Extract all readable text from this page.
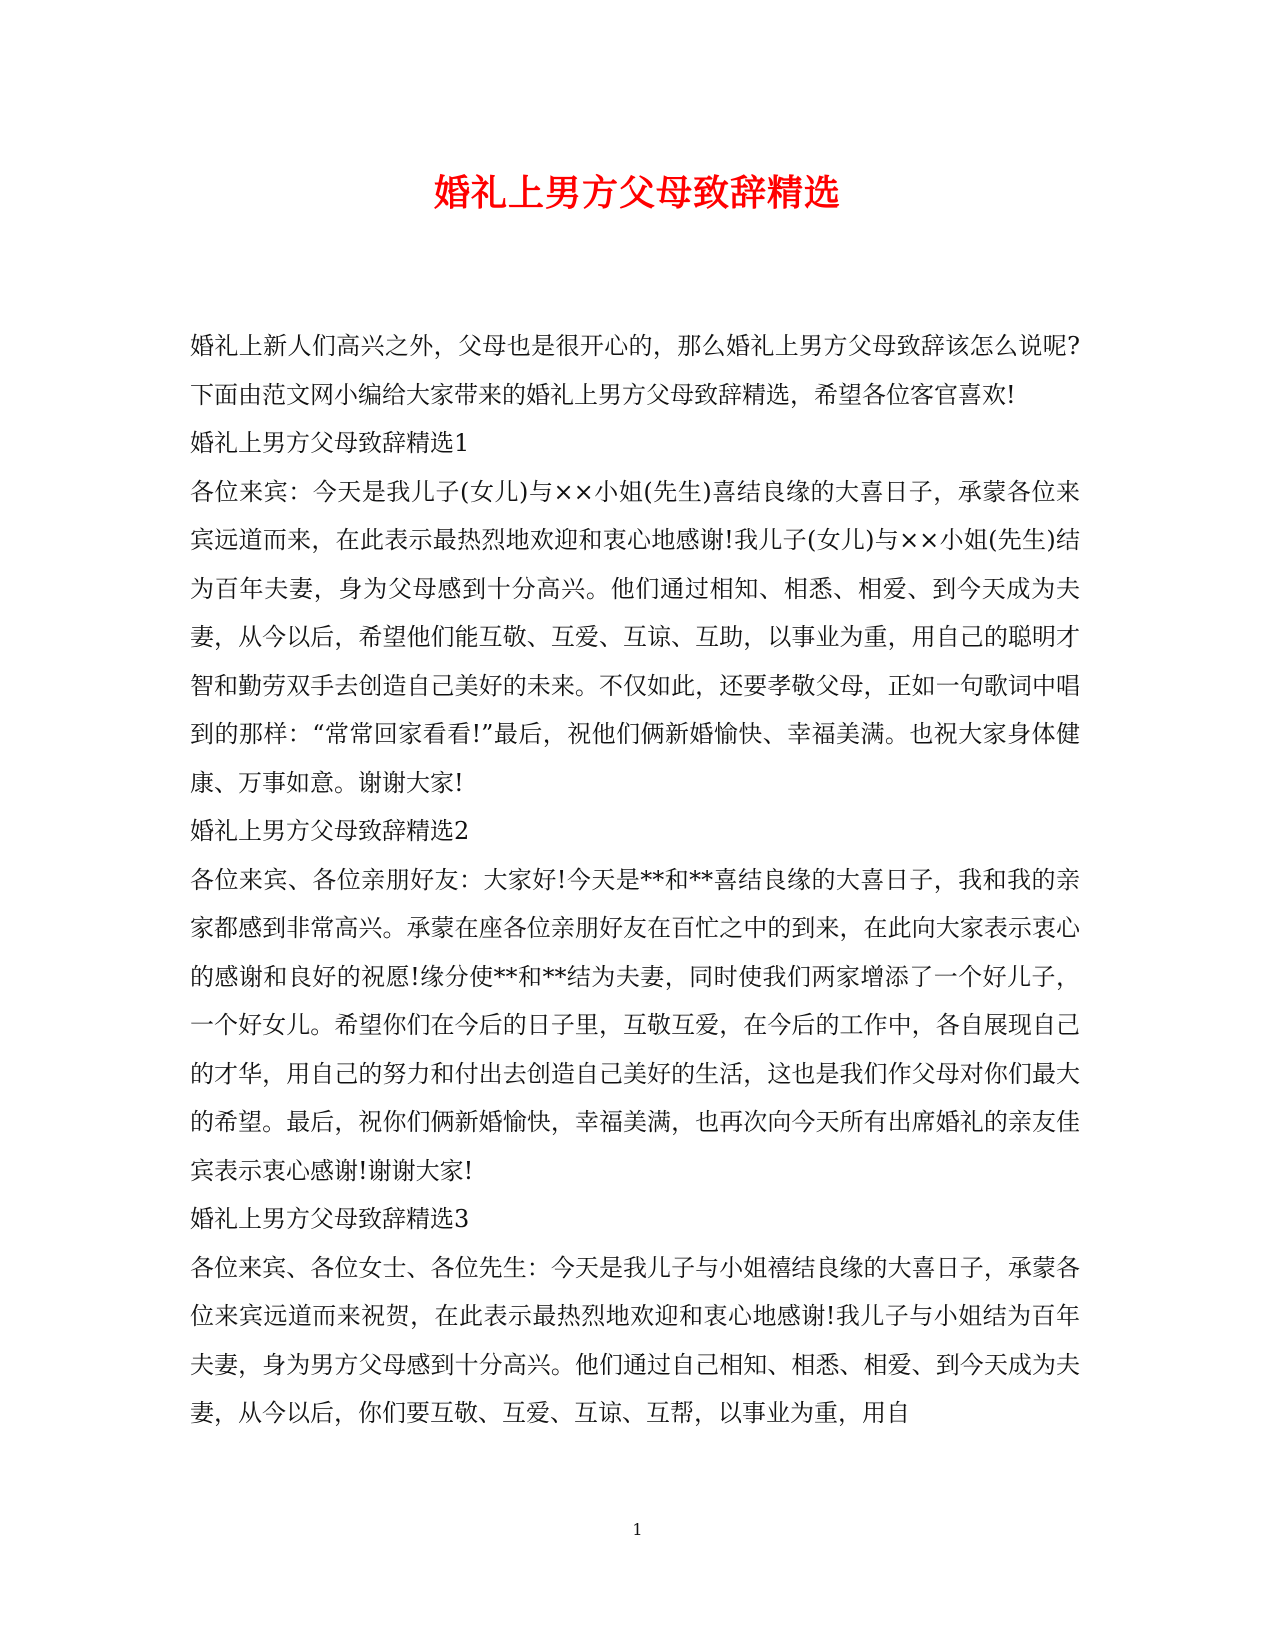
婚礼上男方父母致辞精选

婚礼上新人们高兴之外，父母也是很开心的，那么婚礼上男方父母致辞该怎么说呢?下面由范文网小编给大家带来的婚礼上男方父母致辞精选，希望各位客官喜欢!

婚礼上男方父母致辞精选1

各位来宾：今天是我儿子(女儿)与××小姐(先生)喜结良缘的大喜日子，承蒙各位来宾远道而来，在此表示最热烈地欢迎和衷心地感谢!我儿子(女儿)与××小姐(先生)结为百年夫妻，身为父母感到十分高兴。他们通过相知、相悉、相爱、到今天成为夫妻，从今以后，希望他们能互敬、互爱、互谅、互助，以事业为重，用自己的聪明才智和勤劳双手去创造自己美好的未来。不仅如此，还要孝敬父母，正如一句歌词中唱到的那样：“常常回家看看!”最后，祝他们俩新婚愉快、幸福美满。也祝大家身体健康、万事如意。谢谢大家!

婚礼上男方父母致辞精选2

各位来宾、各位亲朋好友：大家好!今天是**和**喜结良缘的大喜日子，我和我的亲家都感到非常高兴。承蒙在座各位亲朋好友在百忙之中的到来，在此向大家表示衷心的感谢和良好的祝愿!缘分使**和**结为夫妻，同时使我们两家增添了一个好儿子，一个好女儿。希望你们在今后的日子里，互敬互爱，在今后的工作中，各自展现自己的才华，用自己的努力和付出去创造自己美好的生活，这也是我们作父母对你们最大的希望。最后，祝你们俩新婚愉快，幸福美满，也再次向今天所有出席婚礼的亲友佳宾表示衷心感谢!谢谢大家!

婚礼上男方父母致辞精选3

各位来宾、各位女士、各位先生：今天是我儿子与小姐禧结良缘的大喜日子，承蒙各位来宾远道而来祝贺，在此表示最热烈地欢迎和衷心地感谢!我儿子与小姐结为百年夫妻，身为男方父母感到十分高兴。他们通过自己相知、相悉、相爱、到今天成为夫妻，从今以后，你们要互敬、互爱、互谅、互帮，以事业为重，用自

1
